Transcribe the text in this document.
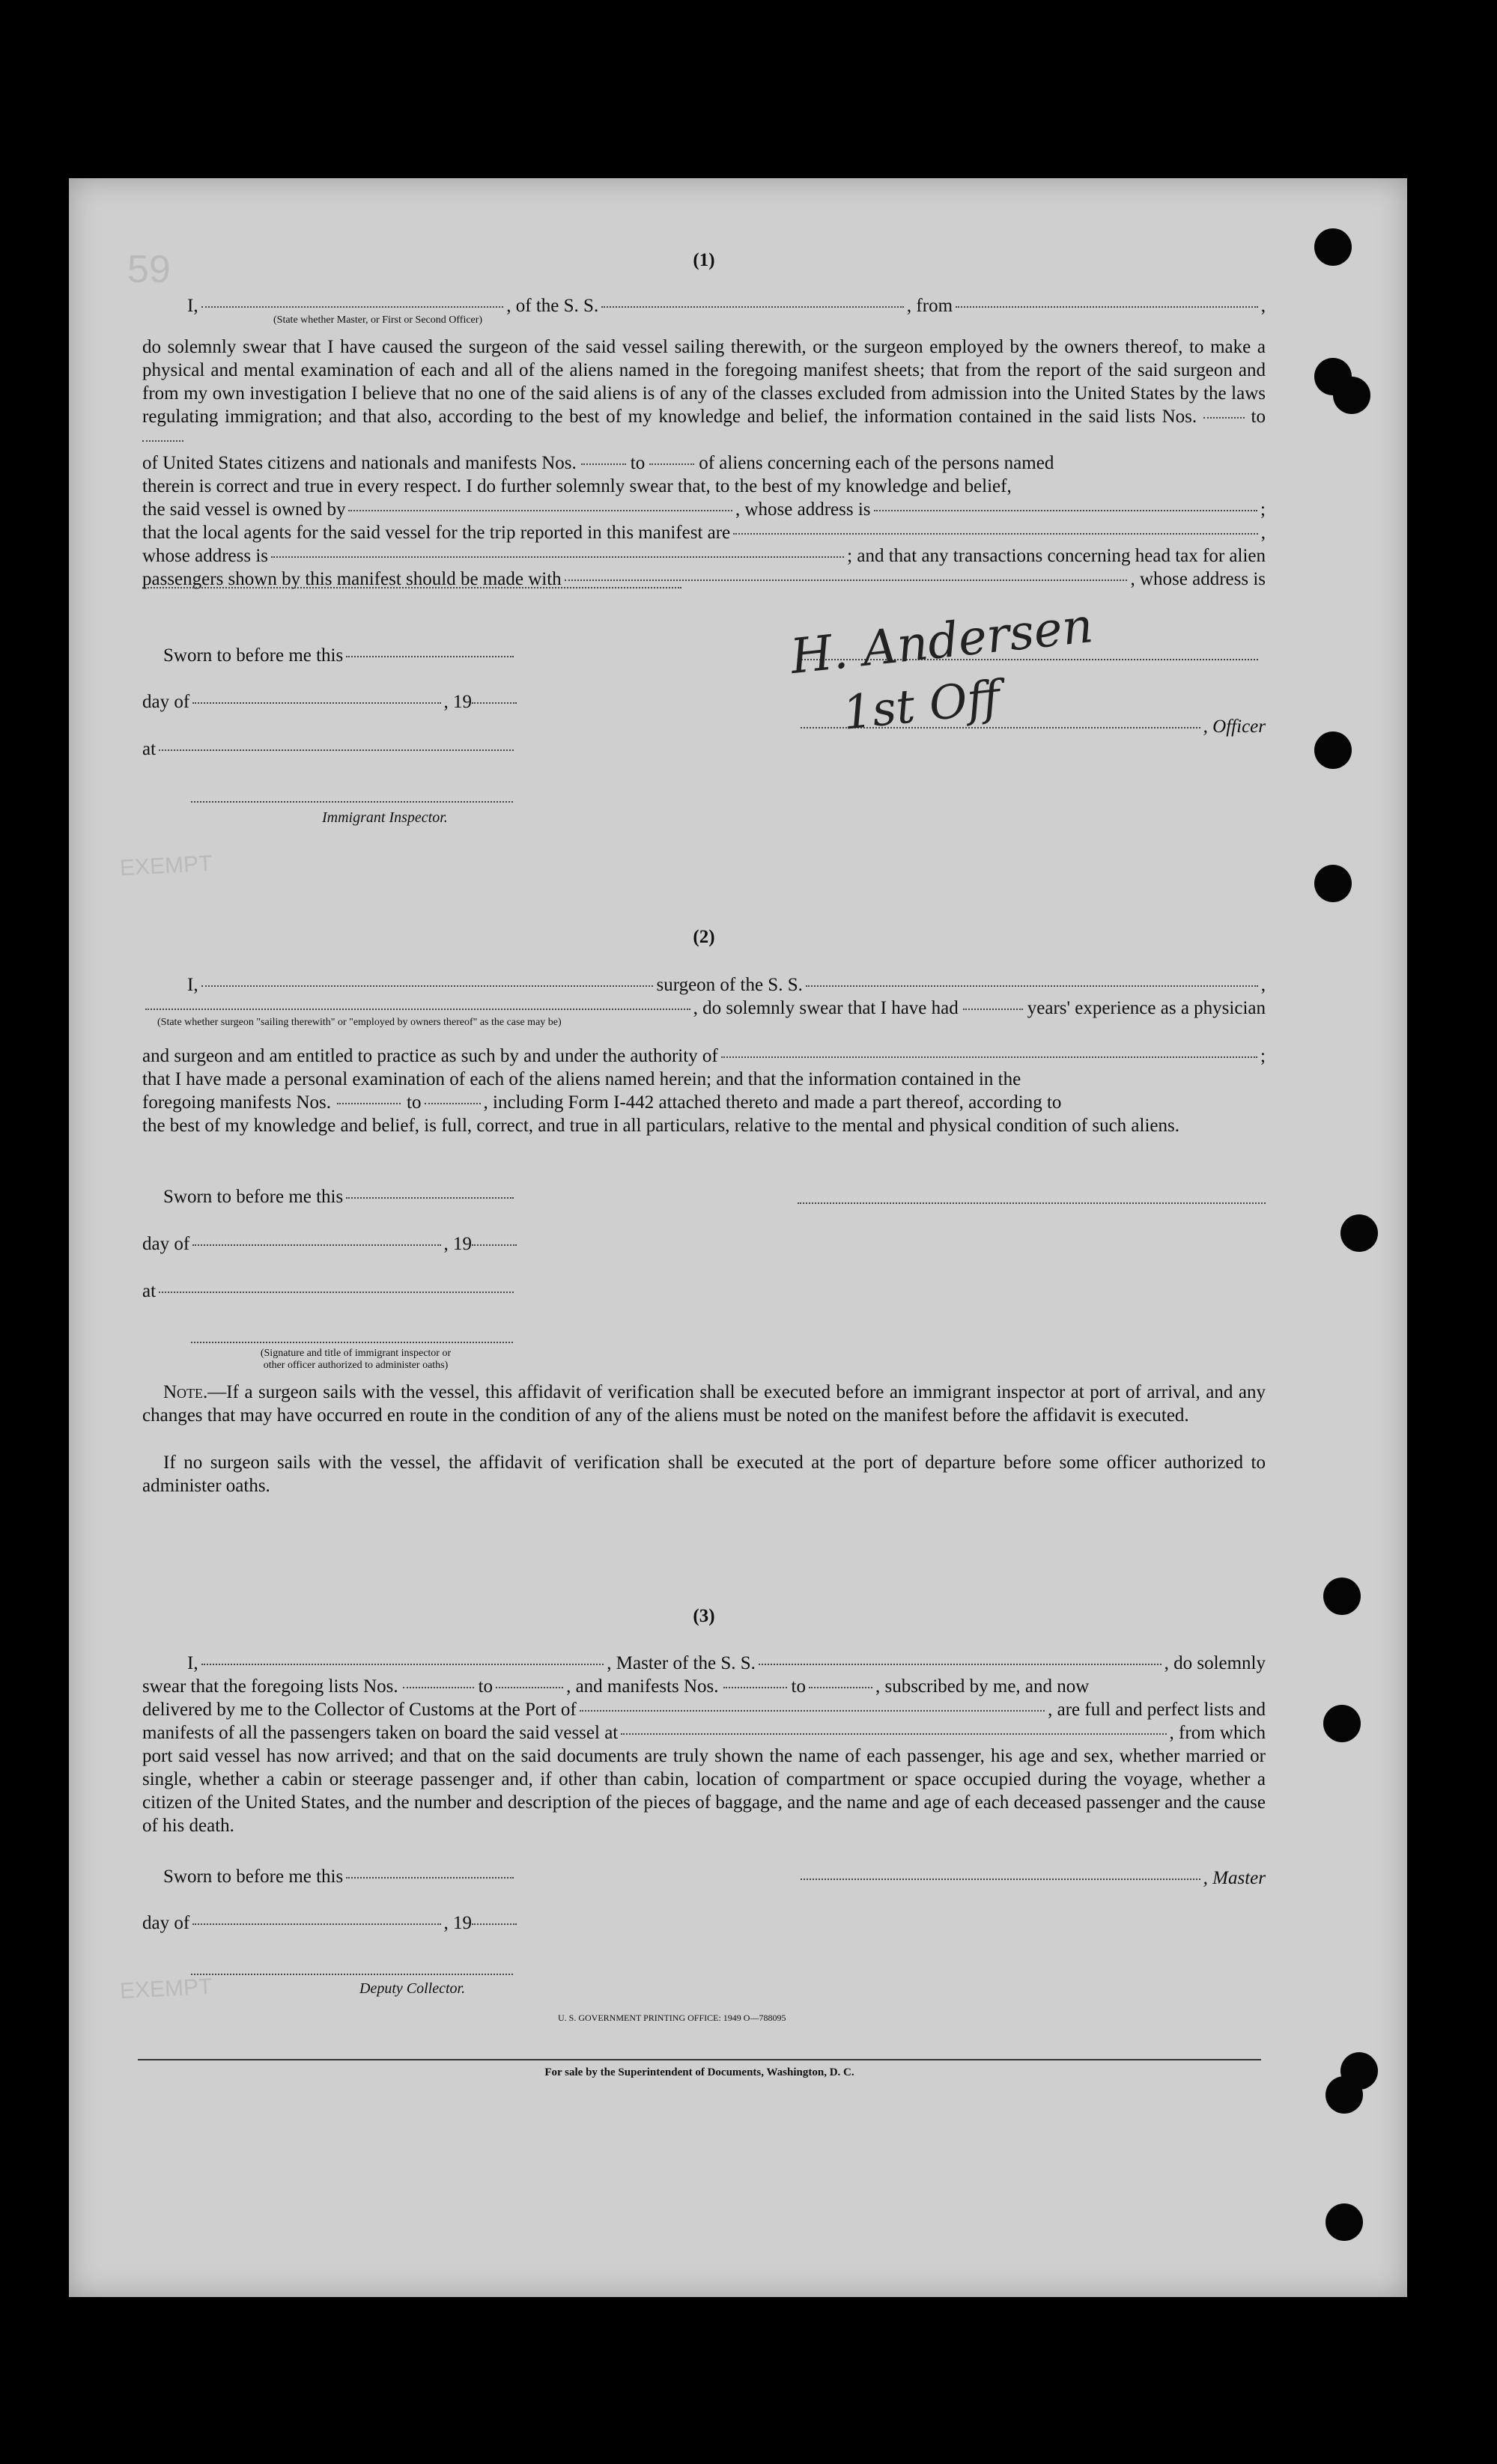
59
EXEMPT
EXEMPT
(1)
I,	, of the S. S.	, from	,
(State whether Master, or First or Second Officer)
do solemnly swear that I have caused the surgeon of the said vessel sailing therewith, or the surgeon employed by the owners thereof, to make a physical and mental examination of each and all of the aliens named in the foregoing manifest sheets; that from the report of the said surgeon and from my own investigation I believe that no one of the said aliens is of any of the classes excluded from admission into the United States by the laws regulating immigration; and that also, according to the best of my knowledge and belief, the information contained in the said lists Nos.	to
of United States citizens and nationals and manifests Nos.	to	of aliens concerning each of the persons named
therein is correct and true in every respect. I do further solemnly swear that, to the best of my knowledge and belief,
the said vessel is owned by	, whose address is	;
that the local agents for the said vessel for the trip reported in this manifest are	,
whose address is	; and that any transactions concerning head tax for alien
passengers shown by this manifest should be made with	, whose address is
Sworn to before me this
day of	, 19
at
Immigrant Inspector.
, Officer
(2)
I,	surgeon of the S. S.	,
, do solemnly swear that I have had	years' experience as a physician
(State whether surgeon "sailing therewith" or "employed by owners thereof" as the case may be)
and surgeon and am entitled to practice as such by and under the authority of	;
that I have made a personal examination of each of the aliens named herein; and that the information contained in the
foregoing manifests Nos.	to	, including Form I-442 attached thereto and made a part thereof, according to
the best of my knowledge and belief, is full, correct, and true in all particulars, relative to the mental and physical condition of such aliens.
Sworn to before me this
day of	, 19
at
(Signature and title of immigrant inspector or other officer authorized to administer oaths)
Note.—If a surgeon sails with the vessel, this affidavit of verification shall be executed before an immigrant inspector at port of arrival, and any changes that may have occurred en route in the condition of any of the aliens must be noted on the manifest before the affidavit is executed.
If no surgeon sails with the vessel, the affidavit of verification shall be executed at the port of departure before some officer authorized to administer oaths.
(3)
I,	, Master of the S. S.	, do solemnly
swear that the foregoing lists Nos.	to	, and manifests Nos.	to	, subscribed by me, and now
delivered by me to the Collector of Customs at the Port of	, are full and perfect lists and
manifests of all the passengers taken on board the said vessel at	, from which
port said vessel has now arrived; and that on the said documents are truly shown the name of each passenger, his age and sex, whether married or single, whether a cabin or steerage passenger and, if other than cabin, location of compartment or space occupied during the voyage, whether a citizen of the United States, and the number and description of the pieces of baggage, and the name and age of each deceased passenger and the cause of his death.
Sworn to before me this	, Master
day of	, 19
Deputy Collector.
U. S. GOVERNMENT PRINTING OFFICE: 1949 O—788095
For sale by the Superintendent of Documents, Washington, D. C.
H. Andersen
1st Off
